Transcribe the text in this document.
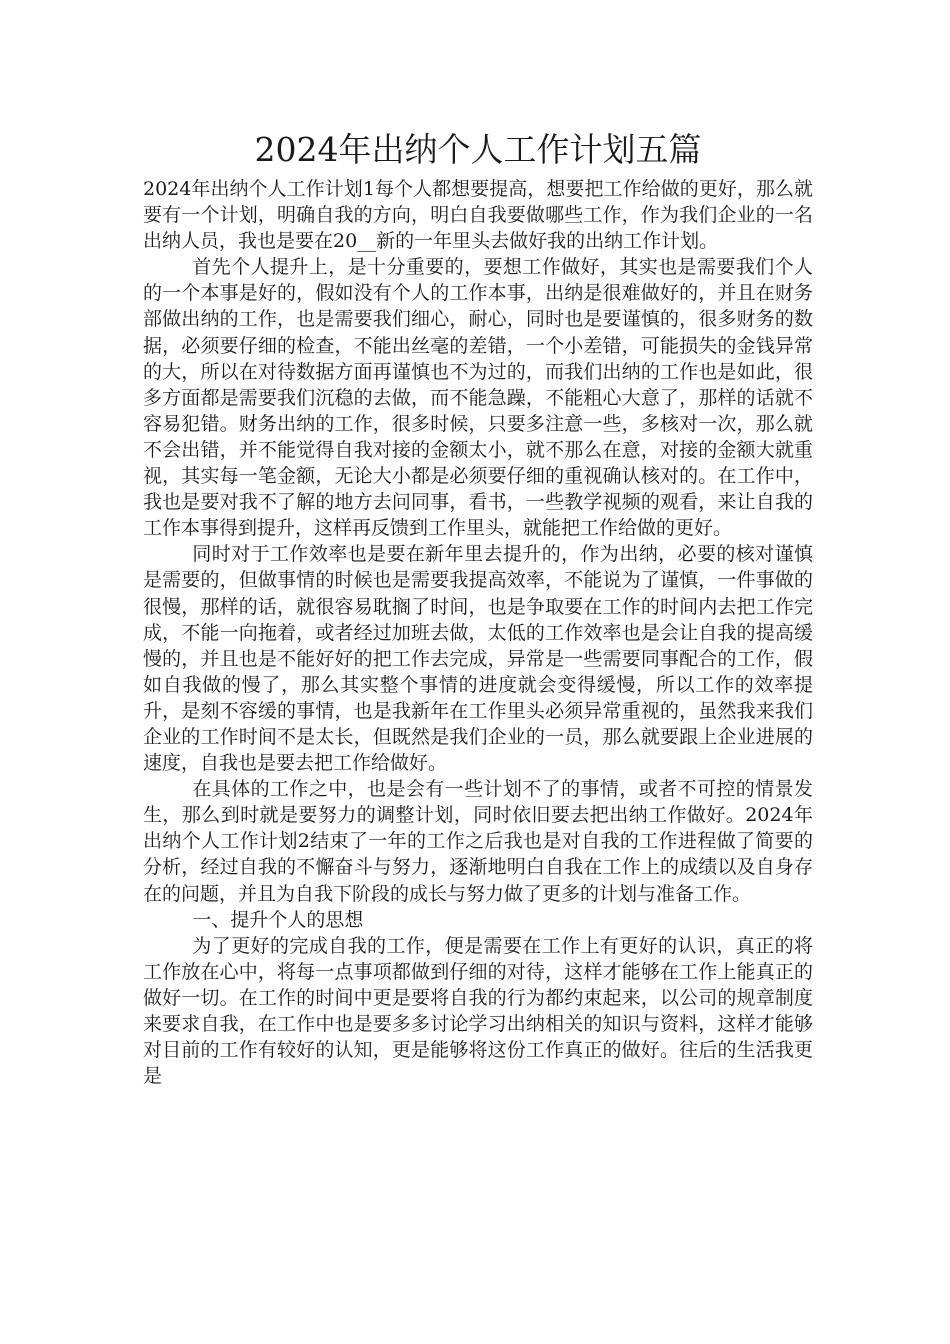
2024年出纳个人工作计划五篇

2024年出纳个人工作计划1每个人都想要提高，想要把工作给做的更好，那么就要有一个计划，明确自我的方向，明白自我要做哪些工作，作为我们企业的一名出纳人员，我也是要在20__新的一年里头去做好我的出纳工作计划。

首先个人提升上，是十分重要的，要想工作做好，其实也是需要我们个人的一个本事是好的，假如没有个人的工作本事，出纳是很难做好的，并且在财务部做出纳的工作，也是需要我们细心，耐心，同时也是要谨慎的，很多财务的数据，必须要仔细的检查，不能出丝毫的差错，一个小差错，可能损失的金钱异常的大，所以在对待数据方面再谨慎也不为过的，而我们出纳的工作也是如此，很多方面都是需要我们沉稳的去做，而不能急躁，不能粗心大意了，那样的话就不容易犯错。财务出纳的工作，很多时候，只要多注意一些，多核对一次，那么就不会出错，并不能觉得自我对接的金额太小，就不那么在意，对接的金额大就重视，其实每一笔金额，无论大小都是必须要仔细的重视确认核对的。在工作中，我也是要对我不了解的地方去问同事，看书，一些教学视频的观看，来让自我的工作本事得到提升，这样再反馈到工作里头，就能把工作给做的更好。

同时对于工作效率也是要在新年里去提升的，作为出纳，必要的核对谨慎是需要的，但做事情的时候也是需要我提高效率，不能说为了谨慎，一件事做的很慢，那样的话，就很容易耽搁了时间，也是争取要在工作的时间内去把工作完成，不能一向拖着，或者经过加班去做，太低的工作效率也是会让自我的提高缓慢的，并且也是不能好好的把工作去完成，异常是一些需要同事配合的工作，假如自我做的慢了，那么其实整个事情的进度就会变得缓慢，所以工作的效率提升，是刻不容缓的事情，也是我新年在工作里头必须异常重视的，虽然我来我们企业的工作时间不是太长，但既然是我们企业的一员，那么就要跟上企业进展的速度，自我也是要去把工作给做好。

在具体的工作之中，也是会有一些计划不了的事情，或者不可控的情景发生，那么到时就是要努力的调整计划，同时依旧要去把出纳工作做好。2024年出纳个人工作计划2结束了一年的工作之后我也是对自我的工作进程做了简要的分析，经过自我的不懈奋斗与努力，逐渐地明白自我在工作上的成绩以及自身存在的问题，并且为自我下阶段的成长与努力做了更多的计划与准备工作。

一、提升个人的思想

为了更好的完成自我的工作，便是需要在工作上有更好的认识，真正的将工作放在心中，将每一点事项都做到仔细的对待，这样才能够在工作上能真正的做好一切。在工作的时间中更是要将自我的行为都约束起来，以公司的规章制度来要求自我，在工作中也是要多多讨论学习出纳相关的知识与资料，这样才能够对目前的工作有较好的认知，更是能够将这份工作真正的做好。往后的生活我更是
